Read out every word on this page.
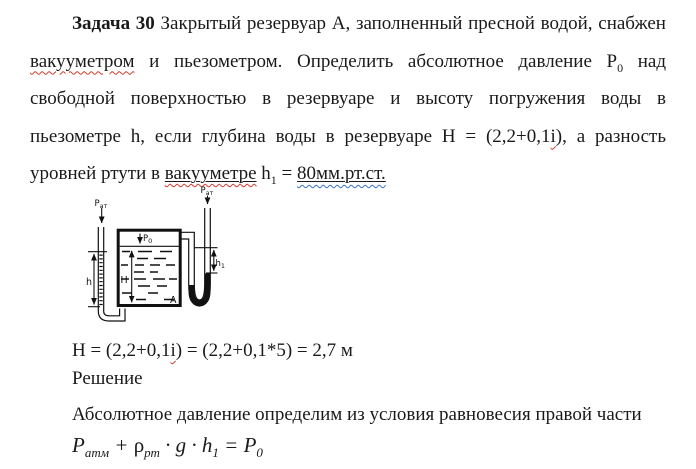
Задача 30 Закрытый резервуар А, заполненный пресной водой, снабжен
вакууметром и пьезометром. Определить абсолютное давление $Р_0$ над
свободной поверхностью в резервуаре и высоту погружения воды в
пьезометре h, если глубина воды в резервуаре Н = (2,2+0,1i), а разность
уровней ртути в вакууметре $h_1 = 80мм.рт.ст$.
$P_{ат}$
$P_{ат}$
$P_0$
h	H
$h_1$
A
Н = (2,2+0,1i) = (2,2+0,1*5) = 2,7 м
Решение
Абсолютное давление определим из условия равновесия правой части
$P_{атм} + \rho_{рт} \cdot g \cdot h_1 = P_0$
